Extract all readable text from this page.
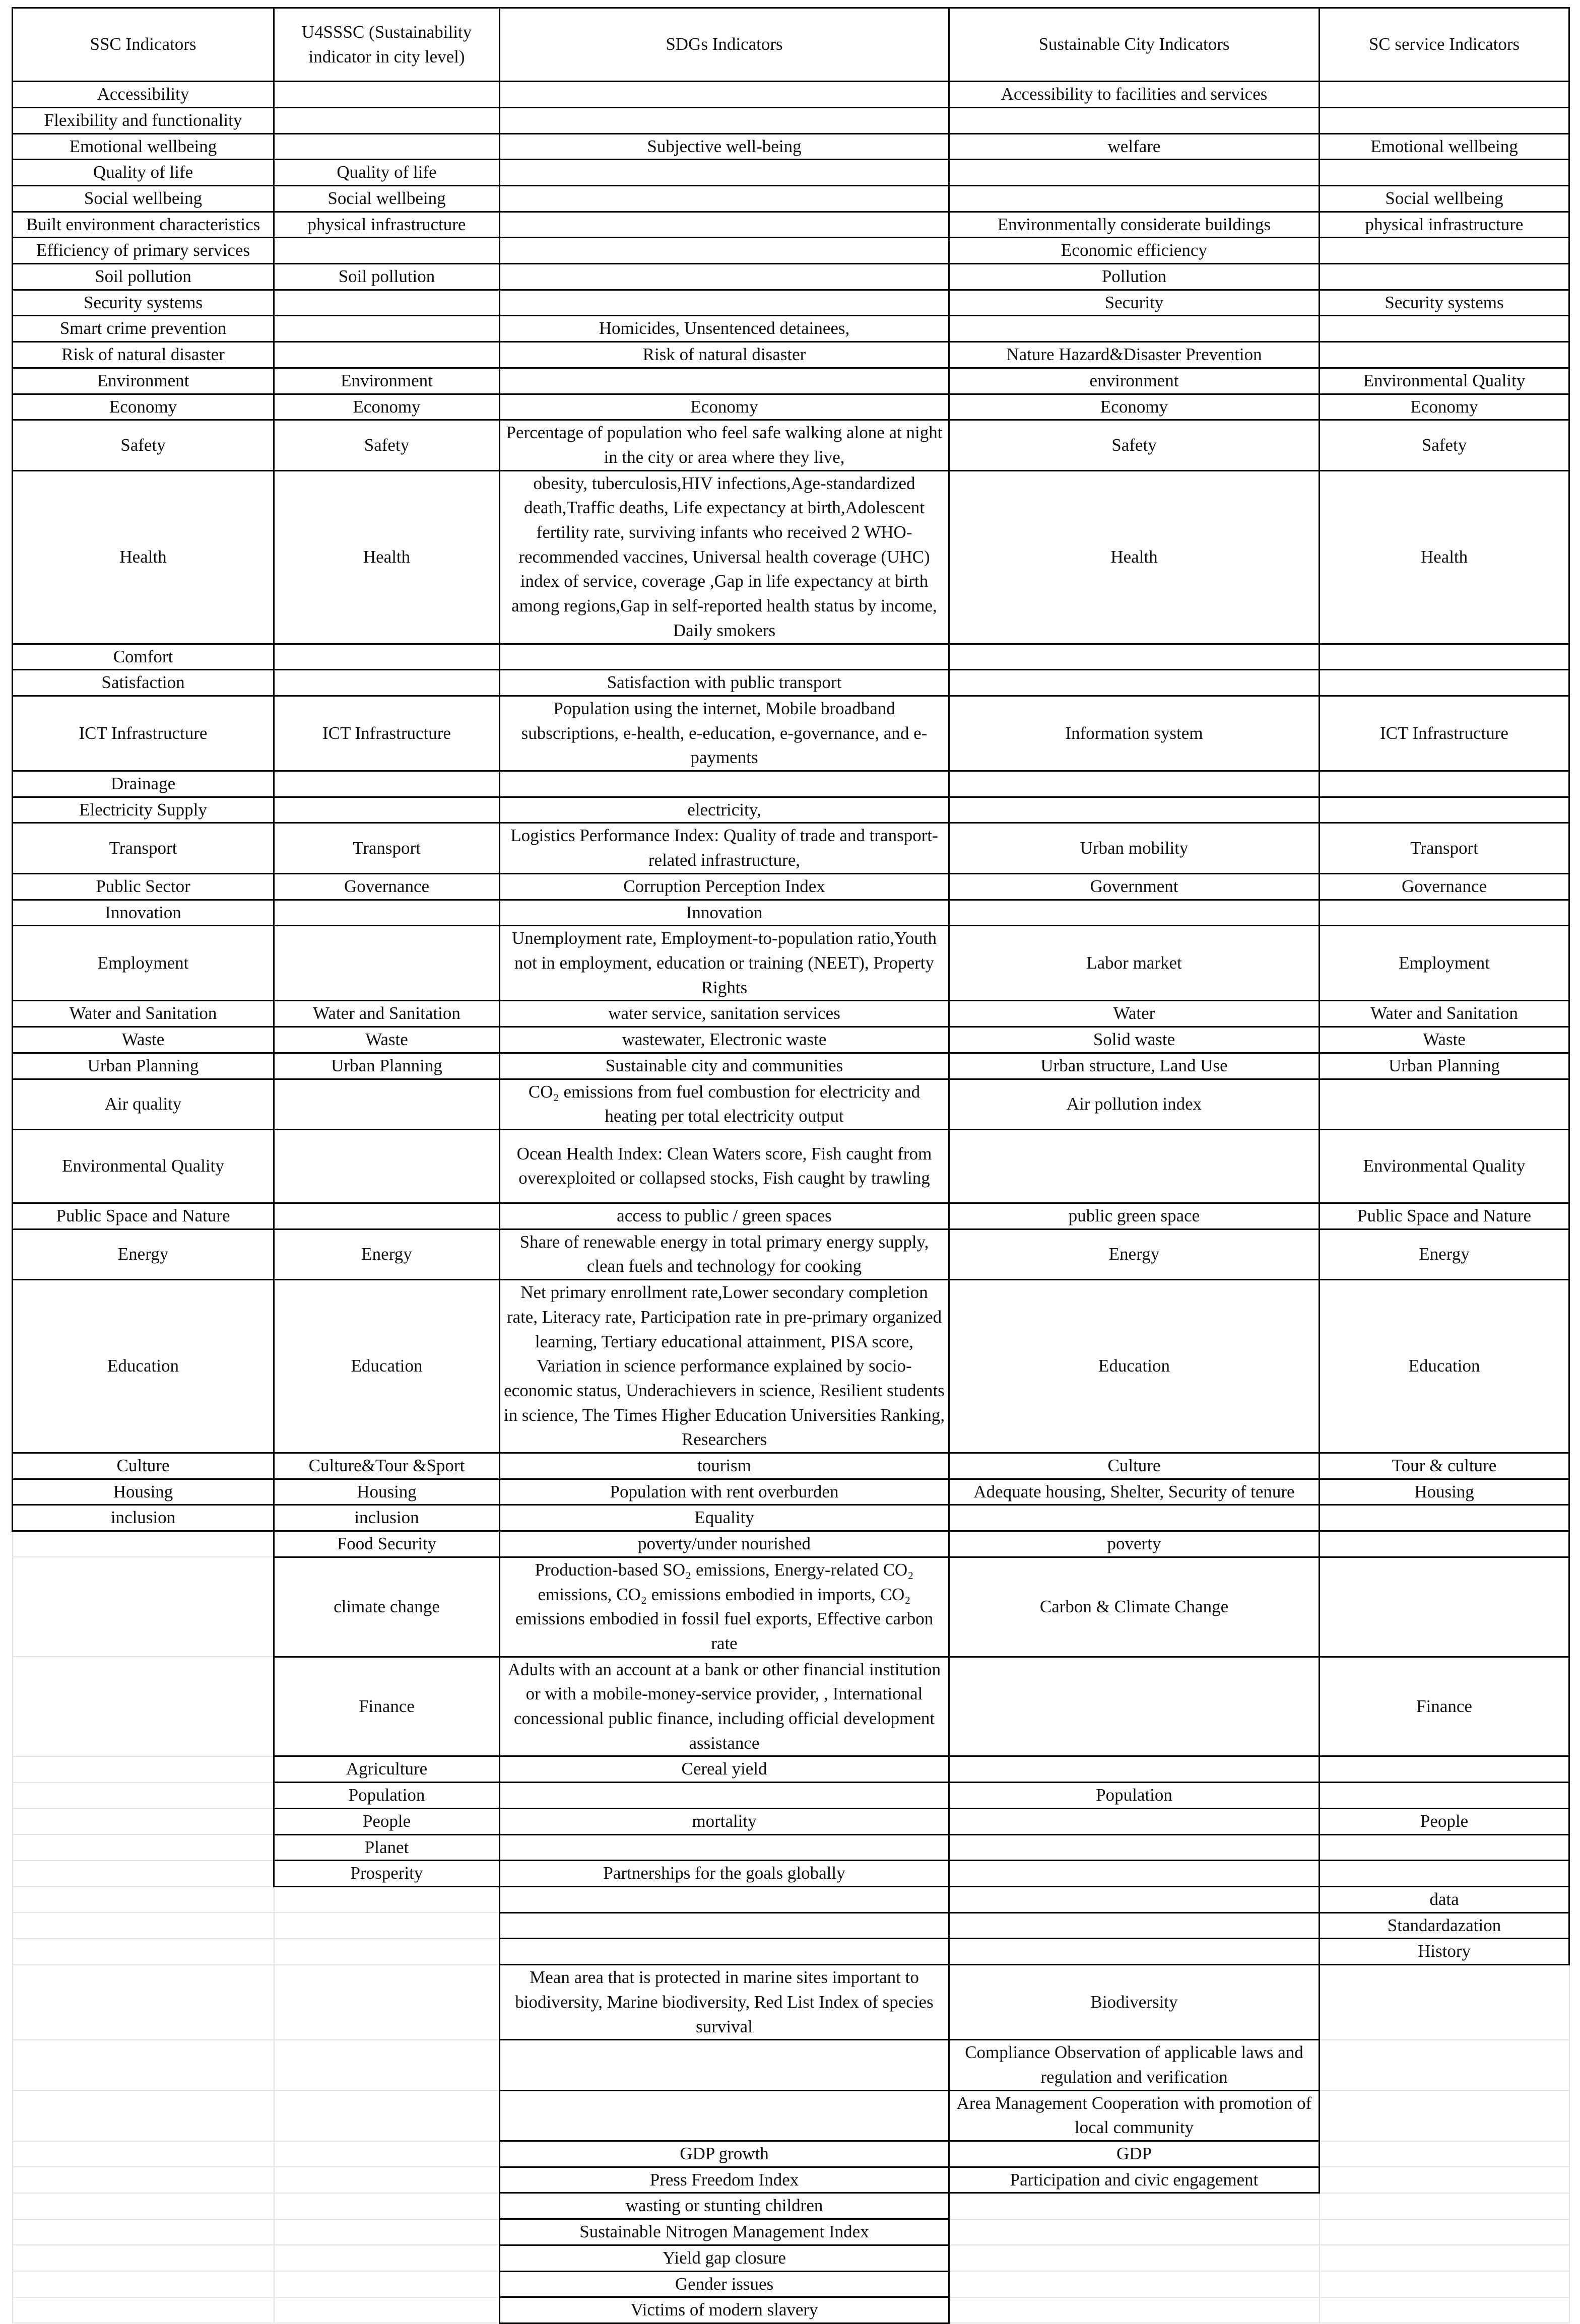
SSC Indicators	U4SSSC (Sustainability indicator in city level)	SDGs Indicators	Sustainable City Indicators	SC service Indicators
Accessibility			Accessibility to facilities and services	
Flexibility and functionality				
Emotional wellbeing		Subjective well-being	welfare	Emotional wellbeing
Quality of life	Quality of life			
Social wellbeing	Social wellbeing			Social wellbeing
Built environment characteristics	physical infrastructure		Environmentally considerate buildings	physical infrastructure
Efficiency of primary services			Economic efficiency	
Soil pollution	Soil pollution		Pollution	
Security systems			Security	Security systems
Smart crime prevention		Homicides, Unsentenced detainees,		
Risk of natural disaster		Risk of natural disaster	Nature Hazard&Disaster Prevention	
Environment	Environment		environment	Environmental Quality
Economy	Economy	Economy	Economy	Economy
Safety	Safety	Percentage of population who feel safe walking alone at night in the city or area where they live,	Safety	Safety
Health	Health	obesity, tuberculosis,HIV infections,Age-standardized death,Traffic deaths, Life expectancy at birth,Adolescent fertility rate, surviving infants who received 2 WHO-recommended vaccines, Universal health coverage (UHC) index of service, coverage ,Gap in life expectancy at birth among regions,Gap in self-reported health status by income, Daily smokers	Health	Health
Comfort				
Satisfaction		Satisfaction with public transport		
ICT Infrastructure	ICT Infrastructure	Population using the internet, Mobile broadband subscriptions, e-health, e-education, e-governance, and e-payments	Information system	ICT Infrastructure
Drainage				
Electricity Supply		electricity,		
Transport	Transport	Logistics Performance Index: Quality of trade and transport-related infrastructure,	Urban mobility	Transport
Public Sector	Governance	Corruption Perception Index	Government	Governance
Innovation		Innovation		
Employment		Unemployment rate, Employment-to-population ratio,Youth not in employment, education or training (NEET), Property Rights	Labor market	Employment
Water and Sanitation	Water and Sanitation	water service, sanitation services	Water	Water and Sanitation
Waste	Waste	wastewater, Electronic waste	Solid waste	Waste
Urban Planning	Urban Planning	Sustainable city and communities	Urban structure, Land Use	Urban Planning
Air quality		CO₂ emissions from fuel combustion for electricity and heating per total electricity output	Air pollution index	
Environmental Quality		Ocean Health Index: Clean Waters score, Fish caught from overexploited or collapsed stocks, Fish caught by trawling		Environmental Quality
Public Space and Nature		access to public / green spaces	public green space	Public Space and Nature
Energy	Energy	Share of renewable energy in total primary energy supply, clean fuels and technology for cooking	Energy	Energy
Education	Education	Net primary enrollment rate,Lower secondary completion rate, Literacy rate, Participation rate in pre-primary organized learning, Tertiary educational attainment, PISA score, Variation in science performance explained by socio-economic status, Underachievers in science, Resilient students in science, The Times Higher Education Universities Ranking, Researchers	Education	Education
Culture	Culture&Tour &Sport	tourism	Culture	Tour & culture
Housing	Housing	Population with rent overburden	Adequate housing, Shelter, Security of tenure	Housing
inclusion	inclusion	Equality		
	Food Security	poverty/under nourished	poverty	
	climate change	Production-based SO₂ emissions, Energy-related CO₂ emissions, CO₂ emissions embodied in imports, CO₂ emissions embodied in fossil fuel exports, Effective carbon rate	Carbon & Climate Change	
	Finance	Adults with an account at a bank or other financial institution or with a mobile-money-service provider, , International concessional public finance, including official development assistance		Finance
	Agriculture	Cereal yield		
	Population		Population	
	People	mortality		People
	Planet			
	Prosperity	Partnerships for the goals globally		
				data
				Standardazation
				History
		Mean area that is protected in marine sites important to biodiversity, Marine biodiversity, Red List Index of species survival	Biodiversity	
			Compliance Observation of applicable laws and regulation and verification	
			Area Management Cooperation with promotion of local community	
		GDP growth	GDP	
		Press Freedom Index	Participation and civic engagement	
		wasting or stunting children		
		Sustainable Nitrogen Management Index		
		Yield gap closure		
		Gender issues		
		Victims of modern slavery		
